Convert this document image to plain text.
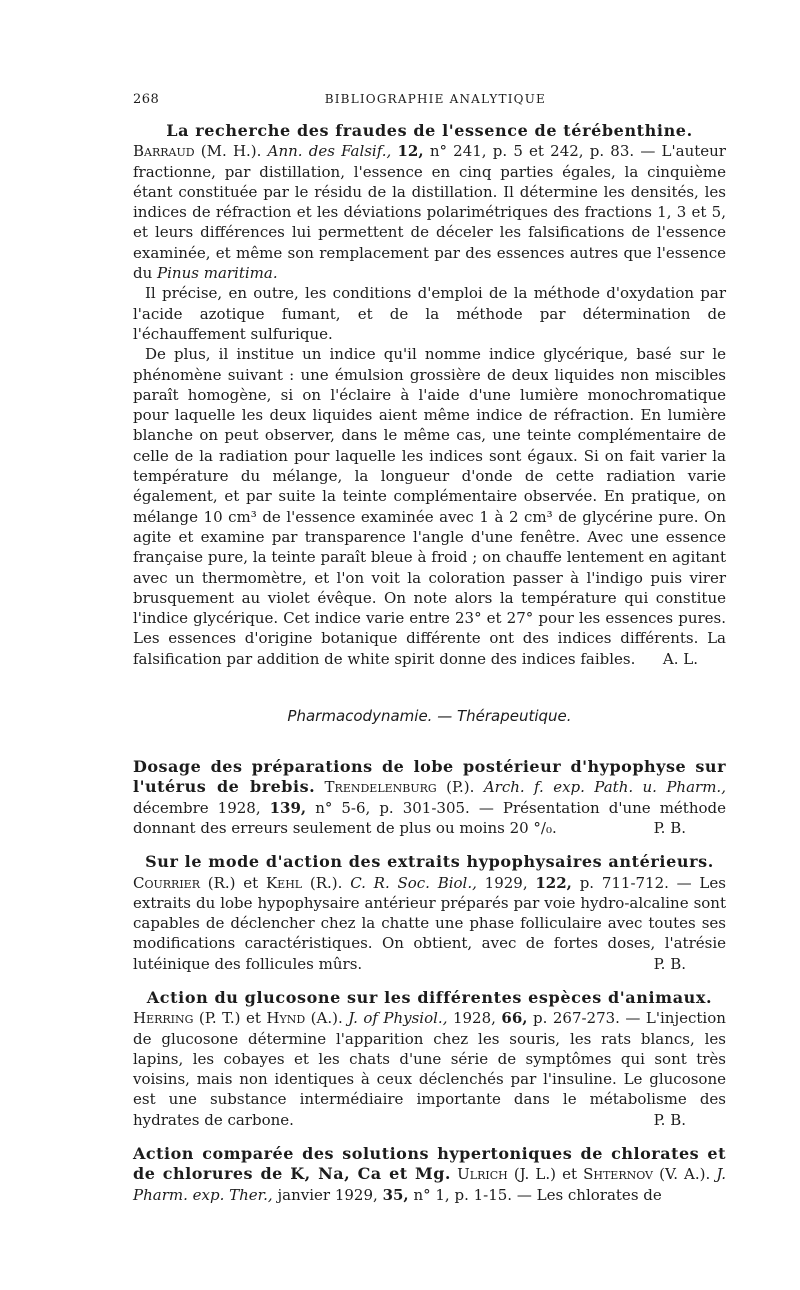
268	BIBLIOGRAPHIE ANALYTIQUE
La recherche des fraudes de l'essence de térébenthine.

Barraud (M. H.). Ann. des Falsif., 12, n° 241, p. 5 et 242, p. 83. — L'auteur fractionne, par distillation, l'essence en cinq parties égales, la cinquième étant constituée par le résidu de la distillation. Il détermine les densités, les indices de réfraction et les déviations polarimétriques des fractions 1, 3 et 5, et leurs différences lui permettent de déceler les falsifications de l'essence examinée, et même son remplacement par des essences autres que l'essence du Pinus maritima.

Il précise, en outre, les conditions d'emploi de la méthode d'oxydation par l'acide azotique fumant, et de la méthode par détermination de l'échauffement sulfurique.

De plus, il institue un indice qu'il nomme indice glycérique, basé sur le phénomène suivant : une émulsion grossière de deux liquides non miscibles paraît homogène, si on l'éclaire à l'aide d'une lumière monochromatique pour laquelle les deux liquides aient même indice de réfraction. En lumière blanche on peut observer, dans le même cas, une teinte complémentaire de celle de la radiation pour laquelle les indices sont égaux. Si on fait varier la température du mélange, la longueur d'onde de cette radiation varie également, et par suite la teinte complémentaire observée. En pratique, on mélange 10 cm³ de l'essence examinée avec 1 à 2 cm³ de glycérine pure. On agite et examine par transparence l'angle d'une fenêtre. Avec une essence française pure, la teinte paraît bleue à froid ; on chauffe lentement en agitant avec un thermomètre, et l'on voit la coloration passer à l'indigo puis virer brusquement au violet évêque. On note alors la température qui constitue l'indice glycérique. Cet indice varie entre 23° et 27° pour les essences pures. Les essences d'origine botanique différente ont des indices différents. La falsification par addition de white spirit donne des indices faibles.	A. L.

Pharmacodynamie. — Thérapeutique.

Dosage des préparations de lobe postérieur d'hypophyse sur l'utérus de brebis. Trendelenburg (P.). Arch. f. exp. Path. u. Pharm., décembre 1928, 139, n° 5-6, p. 301-305. — Présentation d'une méthode donnant des erreurs seulement de plus ou moins 20 °/₀.	P. B.

Sur le mode d'action des extraits hypophysaires antérieurs.

Courrier (R.) et Kehl (R.). C. R. Soc. Biol., 1929, 122, p. 711-712. — Les extraits du lobe hypophysaire antérieur préparés par voie hydro-alcaline sont capables de déclencher chez la chatte une phase folliculaire avec toutes ses modifications caractéristiques. On obtient, avec de fortes doses, l'atrésie lutéinique des follicules mûrs.	P. B.

Action du glucosone sur les différentes espèces d'animaux.

Herring (P. T.) et Hynd (A.). J. of Physiol., 1928, 66, p. 267-273. — L'injection de glucosone détermine l'apparition chez les souris, les rats blancs, les lapins, les cobayes et les chats d'une série de symptômes qui sont très voisins, mais non identiques à ceux déclenchés par l'insuline. Le glucosone est une substance intermédiaire importante dans le métabolisme des hydrates de carbone.	P. B.

Action comparée des solutions hypertoniques de chlorates et de chlorures de K, Na, Ca et Mg. Ulrich (J. L.) et Shternov (V. A.). J. Pharm. exp. Ther., janvier 1929, 35, n° 1, p. 1-15. — Les chlorates de
